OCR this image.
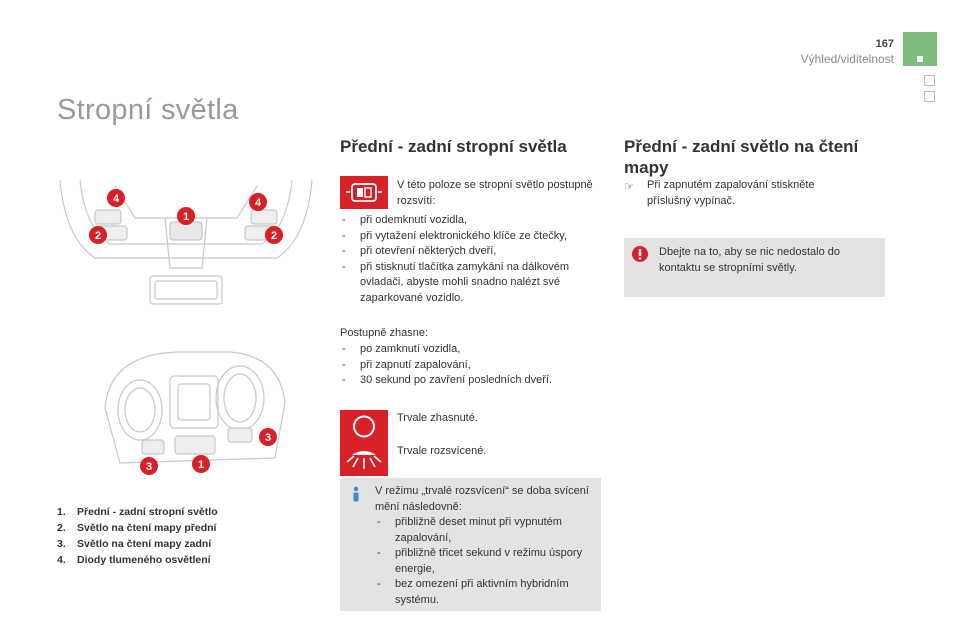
167
Výhled/viditelnost
Stropní světla
4
1
4
2	2
3
3	1
1. Přední - zadní stropní světlo
2. Světlo na čtení mapy přední
3. Světlo na čtení mapy zadní
4. Diody tlumeného osvětlení
Přední - zadní stropní světla
V této poloze se stropní světlo postupně rozsvítí:
- při odemknutí vozidla,
- při vytažení elektronického klíče ze čtečky,
- při otevření některých dveří,
- při stisknutí tlačítka zamykání na dálkovém ovladači, abyste mohli snadno nalézt své zaparkované vozidlo.
Postupně zhasne:
- po zamknutí vozidla,
- při zapnutí zapalování,
- 30 sekund po zavření posledních dveří.
Trvale zhasnuté.
Trvale rozsvícené.
V režimu „trvalé rozsvícení“ se doba svícení mění následovně:
- přibližně deset minut při vypnutém zapalování,
- přibližně třicet sekund v režimu úspory energie,
- bez omezení při aktivním hybridním systému.
Přední - zadní světlo na čtení mapy
☞ Při zapnutém zapalování stiskněte příslušný vypínač.
Dbejte na to, aby se nic nedostalo do kontaktu se stropními světly.
